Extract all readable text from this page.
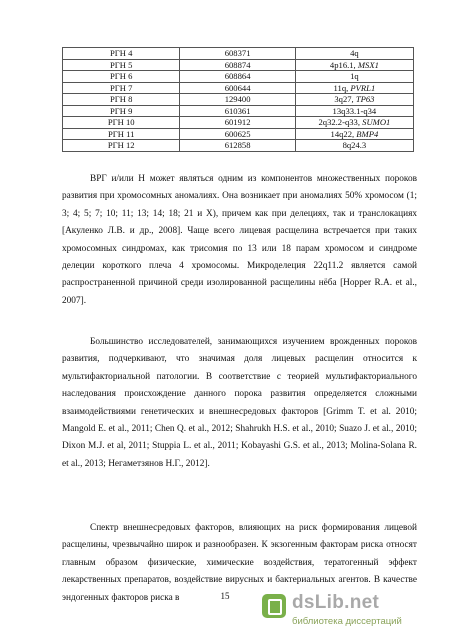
РГН 4	608371	4q
РГН 5	608874	4p16.1, MSX1
РГН 6	608864	1q
РГН 7	600644	11q, PVRL1
РГН 8	129400	3q27, TP63
РГН 9	610361	13q33.1-q34
РГН 10	601912	2q32.2-q33, SUMO1
РГН 11	600625	14q22, BMP4
РГН 12	612858	8q24.3

ВРГ и/или Н может являться одним из компонентов множественных пороков развития при хромосомных аномалиях. Она возникает при аномалиях 50% хромосом (1; 3; 4; 5; 7; 10; 11; 13; 14; 18; 21 и X), причем как при делециях, так и транслокациях [Акуленко Л.В. и др., 2008]. Чаще всего лицевая расщелина встречается при таких хромосомных синдромах, как трисомия по 13 или 18 парам хромосом и синдроме делеции короткого плеча 4 хромосомы. Микроделеция 22q11.2 является самой распространенной причиной среди изолированной расщелины нёба [Hopper R.A. et al., 2007].

Большинство исследователей, занимающихся изучением врожденных пороков развития, подчеркивают, что значимая доля лицевых расщелин относится к мультифакториальной патологии. В соответствие с теорией мультифакториального наследования происхождение данного порока развития определяется сложными взаимодействиями генетических и внешнесредовых факторов [Grimm T. et al. 2010; Mangold E. et al., 2011; Chen Q. et al., 2012; Shahrukh H.S. et al., 2010; Suazo J. et al., 2010; Dixon M.J. et al, 2011; Stuppia L. et al., 2011; Kobayashi G.S. et al., 2013; Molina-Solana R. et al., 2013; Негаметзянов Н.Г., 2012].

Спектр внешнесредовых факторов, влияющих на риск формирования лицевой расщелины, чрезвычайно широк и разнообразен. К экзогенным факторам риска относят главным образом физические, химические воздействия, тератогенный эффект лекарственных препаратов, воздействие вирусных и бактериальных агентов. В качестве эндогенных факторов риска в	15	dsLib.net
библиотека диссертаций
